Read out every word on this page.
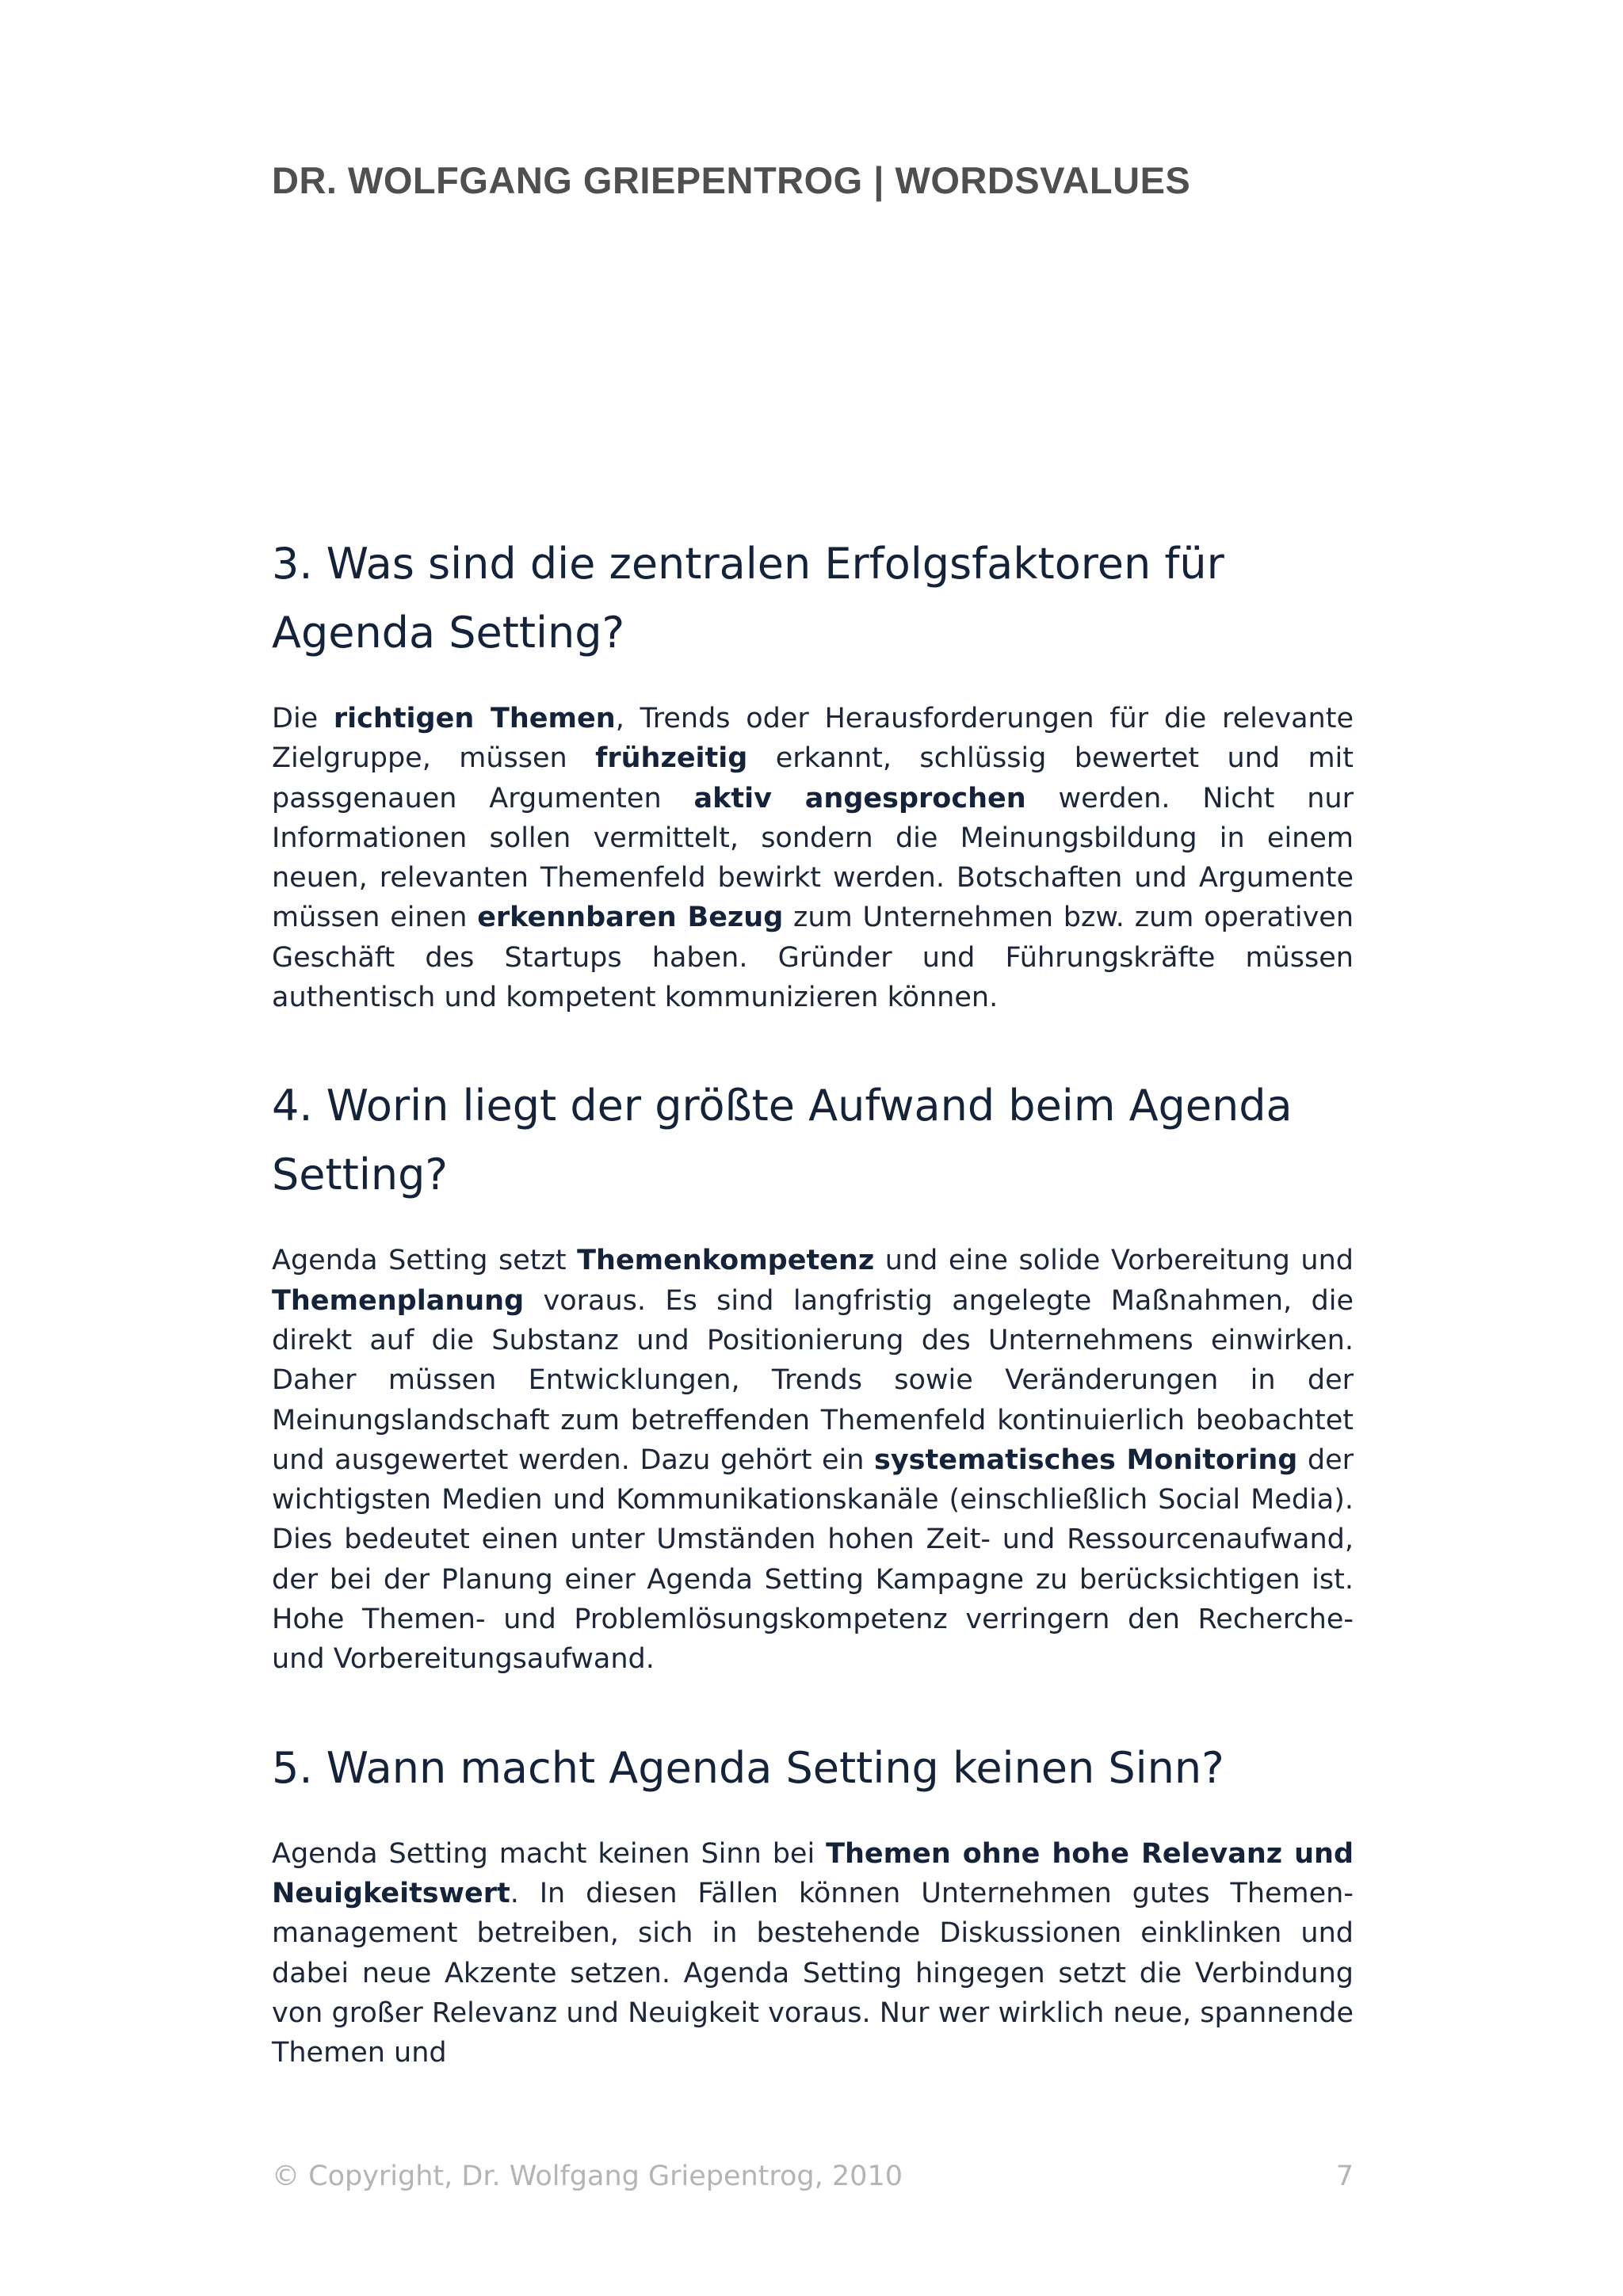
DR. WOLFGANG GRIEPENTROG | WORDSVALUES
3. Was sind die zentralen Erfolgsfaktoren für
Agenda Setting?

Die richtigen Themen, Trends oder Herausforderungen für die relevante Zielgruppe, müssen frühzeitig erkannt, schlüssig bewertet und mit passgenauen Argumenten aktiv angesprochen werden. Nicht nur Informationen sollen vermittelt, sondern die Meinungsbildung in einem neuen, relevanten Themenfeld bewirkt werden. Botschaften und Argumente müssen einen erkennbaren Bezug zum Unternehmen bzw. zum operativen Geschäft des Startups haben. Gründer und Führungskräfte müssen authentisch und kompetent kommunizieren können.

4. Worin liegt der größte Aufwand beim Agenda
Setting?

Agenda Setting setzt Themenkompetenz und eine solide Vorbereitung und Themenplanung voraus. Es sind langfristig angelegte Maßnahmen, die direkt auf die Substanz und Positionierung des Unternehmens einwirken. Daher müssen Entwicklungen, Trends sowie Veränderungen in der Meinungslandschaft zum betreffenden Themenfeld kontinuierlich beobachtet und ausgewertet werden. Dazu gehört ein systematisches Monitoring der wichtigsten Medien und Kommunikationskanäle (einschließlich Social Media). Dies bedeutet einen unter Umständen hohen Zeit- und Ressourcenaufwand, der bei der Planung einer Agenda Setting Kampagne zu berücksichtigen ist. Hohe Themen- und Problemlösungskompetenz verringern den Recherche- und Vorbereitungsaufwand.

5. Wann macht Agenda Setting keinen Sinn?

Agenda Setting macht keinen Sinn bei Themen ohne hohe Relevanz und Neuigkeitswert. In diesen Fällen können Unternehmen gutes Themen-management betreiben, sich in bestehende Diskussionen einklinken und dabei neue Akzente setzen. Agenda Setting hingegen setzt die Verbindung von großer Relevanz und Neuigkeit voraus. Nur wer wirklich neue, spannende Themen und

© Copyright, Dr. Wolfgang Griepentrog, 2010	7
